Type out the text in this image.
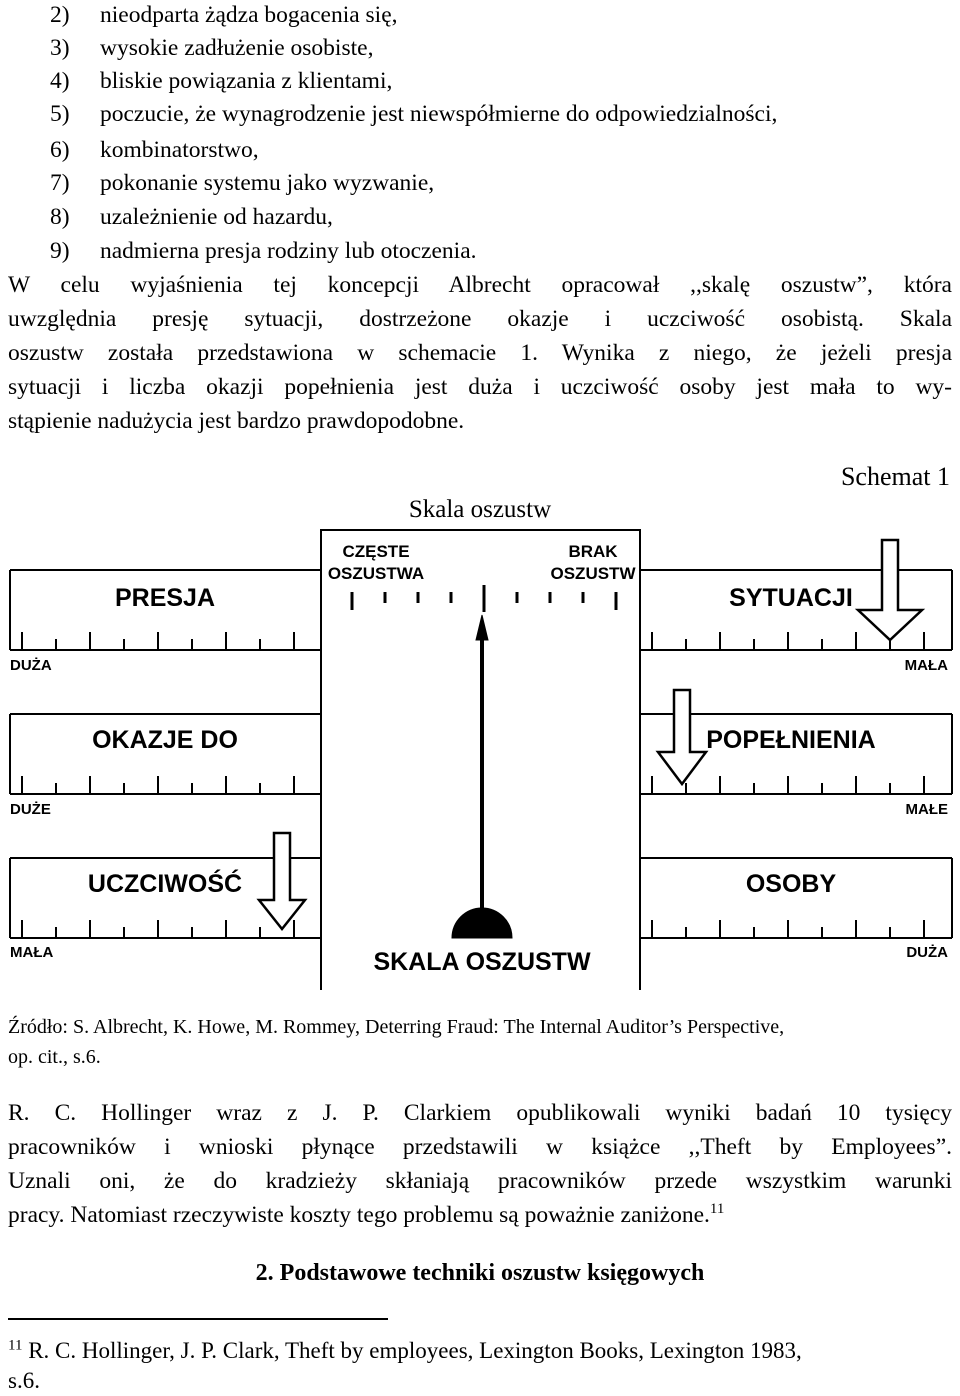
2) nieodparta żądza bogacenia się,
3) wysokie zadłużenie osobiste,
4) bliskie powiązania z klientami,
5) poczucie, że wynagrodzenie jest niewspółmierne do odpowiedzialności,
6) kombinatorstwo,
7) pokonanie systemu jako wyzwanie,
8) uzależnienie od hazardu,
9) nadmierna presja rodziny lub otoczenia.
W celu wyjaśnienia tej koncepcji Albrecht opracował ,,skalę oszustw”, która
uwzględnia presję sytuacji, dostrzeżone okazje i uczciwość osobistą. Skala
oszustw została przedstawiona w schemacie 1. Wynika z niego, że jeżeli presja
sytuacji i liczba okazji popełnienia jest duża i uczciwość osoby jest mała to wy-
stąpienie nadużycia jest bardzo prawdopodobne.
Schemat 1
Skala oszustw
CZĘSTE
OSZUSTWA
BRAK
OSZUSTW
PRESJA	SYTUACJI
DUŻA	MAŁA
OKAZJE DO	POPEŁNIENIA
DUŻE	MAŁE
UCZCIWOŚĆ	OSOBY
MAŁA	DUŻA
SKALA OSZUSTW
Źródło: S. Albrecht, K. Howe, M. Rommey, Deterring Fraud: The Internal Auditor’s Perspective,
op. cit., s.6.
R. C. Hollinger wraz z J. P. Clarkiem opublikowali wyniki badań 10 tysięcy
pracowników i wnioski płynące przedstawili w książce ,,Theft by Employees”.
Uznali oni, że do kradzieży skłaniają pracowników przede wszystkim warunki
pracy. Natomiast rzeczywiste koszty tego problemu są poważnie zaniżone.$^{11}$
2. Podstawowe techniki oszustw księgowych
$^{11}$ R. C. Hollinger, J. P. Clark, Theft by employees, Lexington Books, Lexington 1983,
s.6.
